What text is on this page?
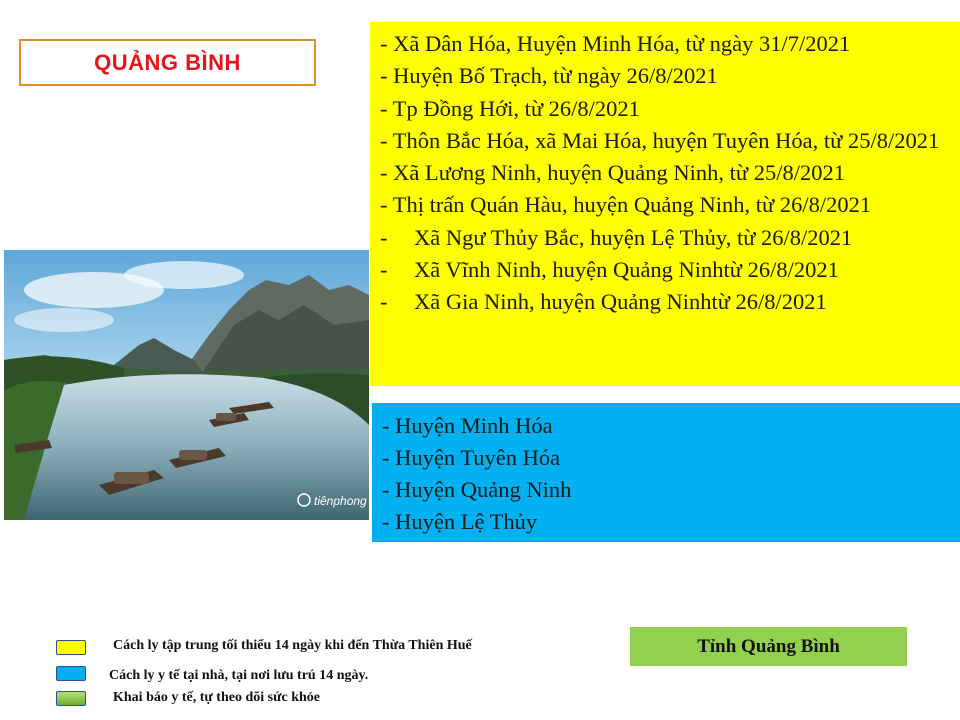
QUẢNG BÌNH
tiênphong
- Xã Dân Hóa, Huyện Minh Hóa, từ ngày 31/7/2021
- Huyện Bố Trạch, từ ngày 26/8/2021
- Tp Đồng Hới, từ 26/8/2021
- Thôn Bắc Hóa, xã Mai Hóa, huyện Tuyên Hóa, từ 25/8/2021
- Xã Lương Ninh, huyện Quảng Ninh, từ 25/8/2021
- Thị trấn Quán Hàu, huyện Quảng Ninh, từ 26/8/2021
- Xã Ngư Thủy Bắc, huyện Lệ Thủy, từ 26/8/2021
- Xã Vĩnh Ninh, huyện Quảng Ninhtừ 26/8/2021
- Xã Gia Ninh, huyện Quảng Ninhtừ 26/8/2021
- Huyện Minh Hóa
- Huyện Tuyên Hóa
- Huyện Quảng Ninh
- Huyện Lệ Thủy
Cách ly tập trung tối thiểu 14 ngày khi đến Thừa Thiên Huế
Cách ly y tế tại nhà, tại nơi lưu trú 14 ngày.
Khai báo y tế, tự theo dõi sức khỏe
Tỉnh Quảng Bình
